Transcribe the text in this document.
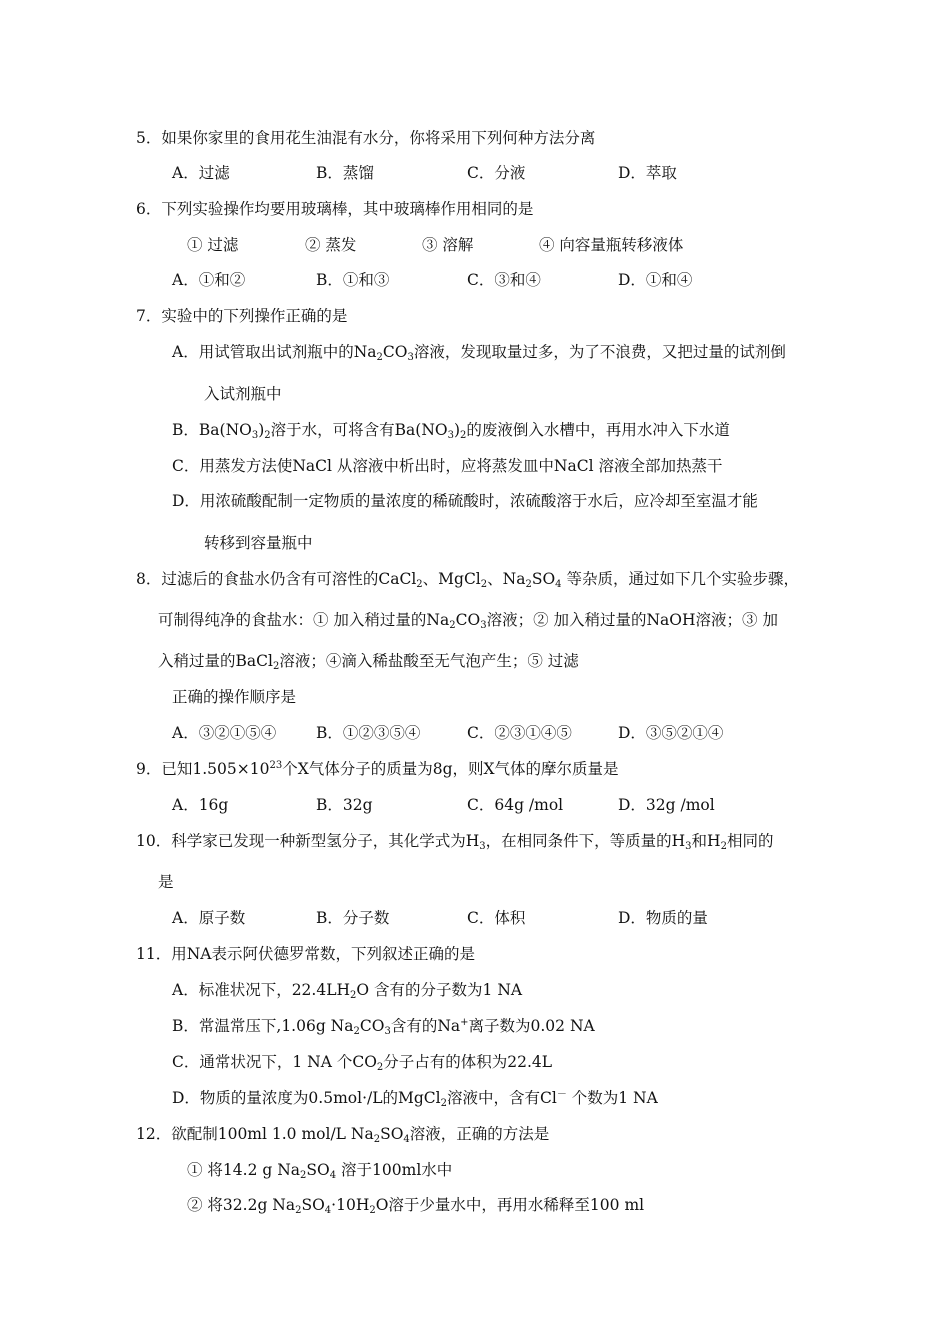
5．如果你家里的食用花生油混有水分，你将采用下列何种方法分离
A．过滤	B．蒸馏	C．分液	D．萃取
6．下列实验操作均要用玻璃棒，其中玻璃棒作用相同的是
① 过滤	② 蒸发	③ 溶解	④ 向容量瓶转移液体
A．①和②	B．①和③	C．③和④	D．①和④
7．实验中的下列操作正确的是
A．用试管取出试剂瓶中的$Na_2CO_3$溶液，发现取量过多，为了不浪费，又把过量的试剂倒
入试剂瓶中
B．$Ba(NO_3)_2$溶于水，可将含有$Ba(NO_3)_2$的废液倒入水槽中，再用水冲入下水道
C．用蒸发方法使NaCl 从溶液中析出时，应将蒸发皿中NaCl 溶液全部加热蒸干
D．用浓硫酸配制一定物质的量浓度的稀硫酸时，浓硫酸溶于水后，应冷却至室温才能
转移到容量瓶中
8．过滤后的食盐水仍含有可溶性的CaCl$_2$、MgCl$_2$、$Na_2SO_4$ 等杂质，通过如下几个实验步骤，
可制得纯净的食盐水：① 加入稍过量的$Na_2CO_3$溶液；② 加入稍过量的NaOH溶液；③ 加
入稍过量的BaCl$_2$溶液；④滴入稀盐酸至无气泡产生；⑤ 过滤
正确的操作顺序是
A．③②①⑤④	B．①②③⑤④	C．②③①④⑤	D．③⑤②①④
9．已知$1.505\times 10^{23}$个X气体分子的质量为8g，则X气体的摩尔质量是
A．16g	B．32g	C．64g /mol	D．32g /mol
10．科学家已发现一种新型氢分子，其化学式为$H_3$，在相同条件下，等质量的$H_3$和$H_2$相同的
是
A．原子数	B．分子数	C．体积	D．物质的量
11．用NA表示阿伏德罗常数，下列叙述正确的是
A．标准状况下，$22.4LH_2O$ 含有的分子数为1 NA
B．常温常压下,1.06g $Na_2CO_3$含有的Na+离子数为0.02 NA
C．通常状况下，1 NA 个$CO_2$分子占有的体积为22.4L
D．物质的量浓度为0.5mol·/L的MgCl$_2$溶液中，含有Cl－ 个数为1 NA
12．欲配制100ml 1.0 mol/L $Na_2SO_4$溶液，正确的方法是
① 将14.2 g $Na_2SO_4$ 溶于100ml水中
② 将32.2g $Na_2SO_4\cdot 10H_2O$溶于少量水中，再用水稀释至100 ml
